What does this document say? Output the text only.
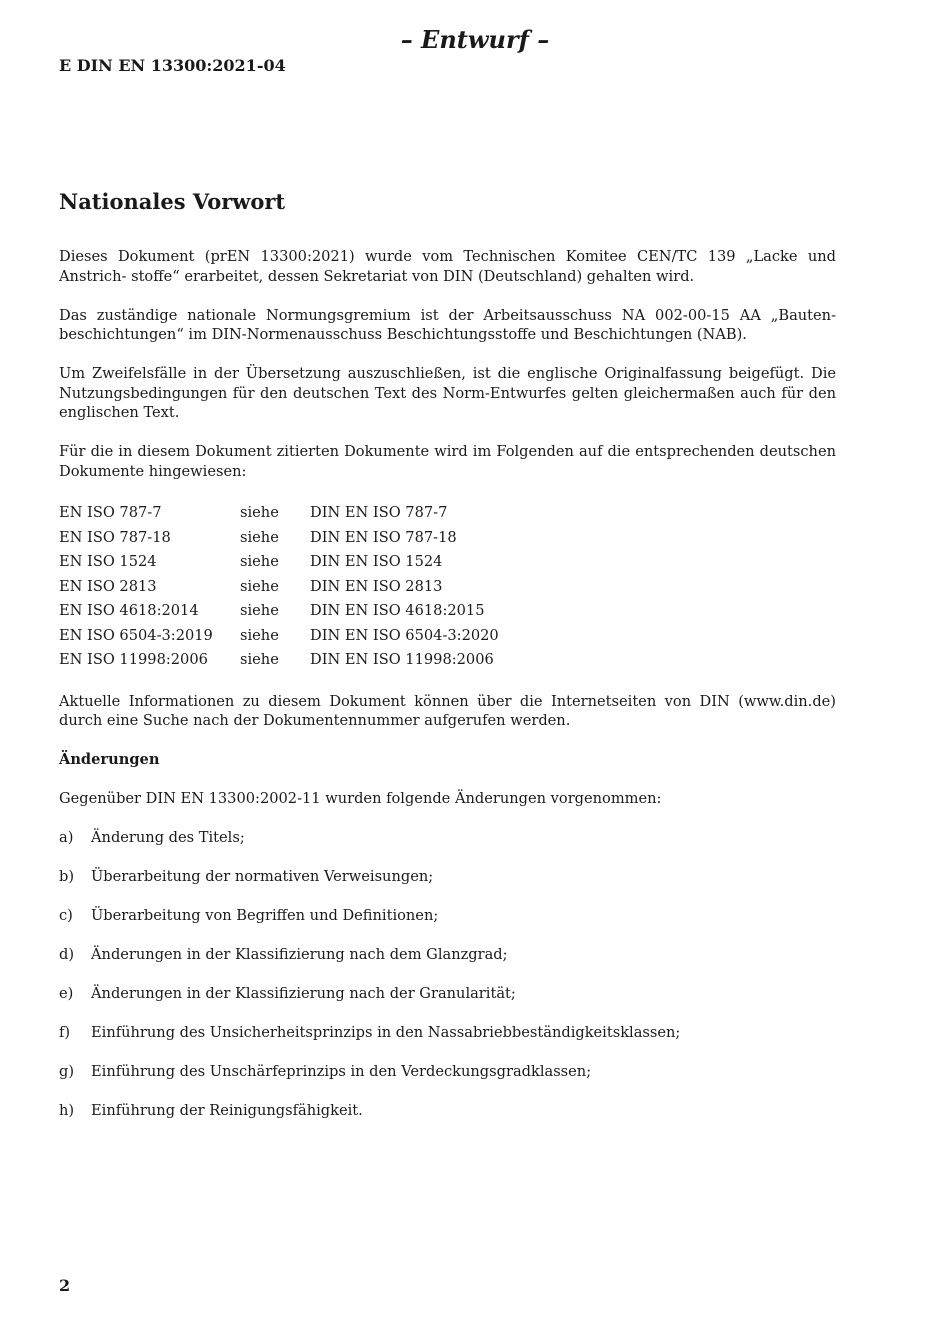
– Entwurf –
E DIN EN 13300:2021-04
Nationales Vorwort

Dieses Dokument (prEN 13300:2021) wurde vom Technischen Komitee CEN/TC 139 „Lacke und Anstrich- stoffe“ erarbeitet, dessen Sekretariat von DIN (Deutschland) gehalten wird.

Das zuständige nationale Normungsgremium ist der Arbeitsausschuss NA 002-00-15 AA „Bauten- beschichtungen“ im DIN-Normenausschuss Beschichtungsstoffe und Beschichtungen (NAB).

Um Zweifelsfälle in der Übersetzung auszuschließen, ist die englische Originalfassung beigefügt. Die Nutzungsbedingungen für den deutschen Text des Norm-Entwurfes gelten gleichermaßen auch für den englischen Text.

Für die in diesem Dokument zitierten Dokumente wird im Folgenden auf die entsprechenden deutschen Dokumente hingewiesen:

EN ISO 787-7	siehe	DIN EN ISO 787-7
EN ISO 787-18	siehe	DIN EN ISO 787-18
EN ISO 1524	siehe	DIN EN ISO 1524
EN ISO 2813	siehe	DIN EN ISO 2813
EN ISO 4618:2014	siehe	DIN EN ISO 4618:2015
EN ISO 6504-3:2019	siehe	DIN EN ISO 6504-3:2020
EN ISO 11998:2006	siehe	DIN EN ISO 11998:2006

Aktuelle Informationen zu diesem Dokument können über die Internetseiten von DIN (www.din.de) durch eine Suche nach der Dokumentennummer aufgerufen werden.

Änderungen

Gegenüber DIN EN 13300:2002-11 wurden folgende Änderungen vorgenommen:

a)	Änderung des Titels;
b)	Überarbeitung der normativen Verweisungen;
c)	Überarbeitung von Begriffen und Definitionen;
d)	Änderungen in der Klassifizierung nach dem Glanzgrad;
e)	Änderungen in der Klassifizierung nach der Granularität;
f)	Einführung des Unsicherheitsprinzips in den Nassabriebbeständigkeitsklassen;
g)	Einführung des Unschärfeprinzips in den Verdeckungsgradklassen;
h)	Einführung der Reinigungsfähigkeit.
2
